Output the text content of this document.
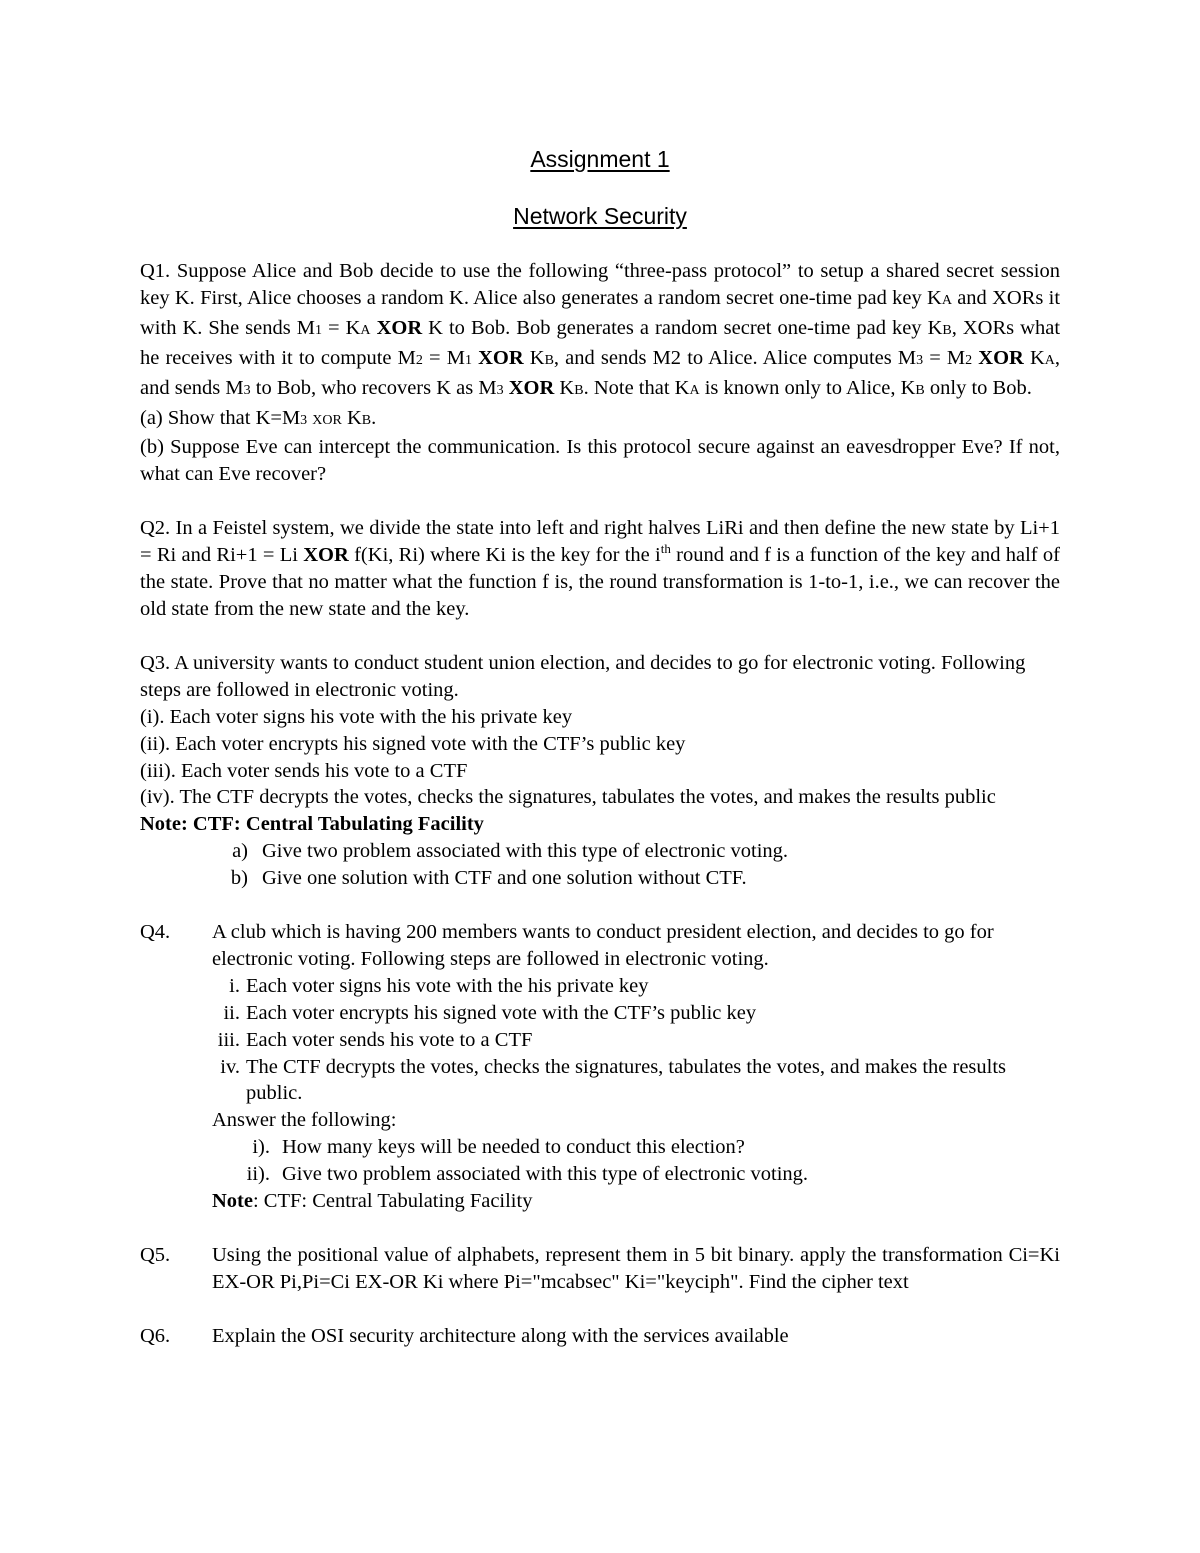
Assignment 1
Network Security

Q1. Suppose Alice and Bob decide to use the following “three-pass protocol” to setup a shared secret session key K. First, Alice chooses a random K. Alice also generates a random secret one-time pad key KA and XORs it with K. She sends M1 = KA XOR K to Bob. Bob generates a random secret one-time pad key KB, XORs what he receives with it to compute M2 = M1 XOR KB, and sends M2 to Alice. Alice computes M3 = M2 XOR KA, and sends M3 to Bob, who recovers K as M3 XOR KB. Note that KA is known only to Alice, KB only to Bob.

(a) Show that K=M3 XOR KB.

(b) Suppose Eve can intercept the communication. Is this protocol secure against an eavesdropper Eve? If not, what can Eve recover?

Q2. In a Feistel system, we divide the state into left and right halves LiRi and then define the new state by Li+1 = Ri and Ri+1 = Li XOR f(Ki, Ri) where Ki is the key for the $i^{th}$ round and f is a function of the key and half of the state. Prove that no matter what the function f is, the round transformation is 1-to-1, i.e., we can recover the old state from the new state and the key.

Q3. A university wants to conduct student union election, and decides to go for electronic voting. Following steps are followed in electronic voting.

(i). Each voter signs his vote with the his private key
(ii). Each voter encrypts his signed vote with the CTF’s public key
(iii). Each voter sends his vote to a CTF
(iv). The CTF decrypts the votes, checks the signatures, tabulates the votes, and makes the results public
Note: CTF: Central Tabulating Facility
a) Give two problem associated with this type of electronic voting.
b) Give one solution with CTF and one solution without CTF.
Q4.	A club which is having 200 members wants to conduct president election, and decides to go for electronic voting. Following steps are followed in electronic voting.

i. Each voter signs his vote with the his private key
ii. Each voter encrypts his signed vote with the CTF’s public key
iii. Each voter sends his vote to a CTF
iv. The CTF decrypts the votes, checks the signatures, tabulates the votes, and makes the results public.
Answer the following:
i). How many keys will be needed to conduct this election?
ii). Give two problem associated with this type of electronic voting.
Note: CTF: Central Tabulating Facility
Q5.	Using the positional value of alphabets, represent them in 5 bit binary. apply the transformation Ci=Ki EX-OR Pi,Pi=Ci EX-OR Ki where Pi="mcabsec" Ki="keyciph". Find the cipher text
Q6.	Explain the OSI security architecture along with the services available
